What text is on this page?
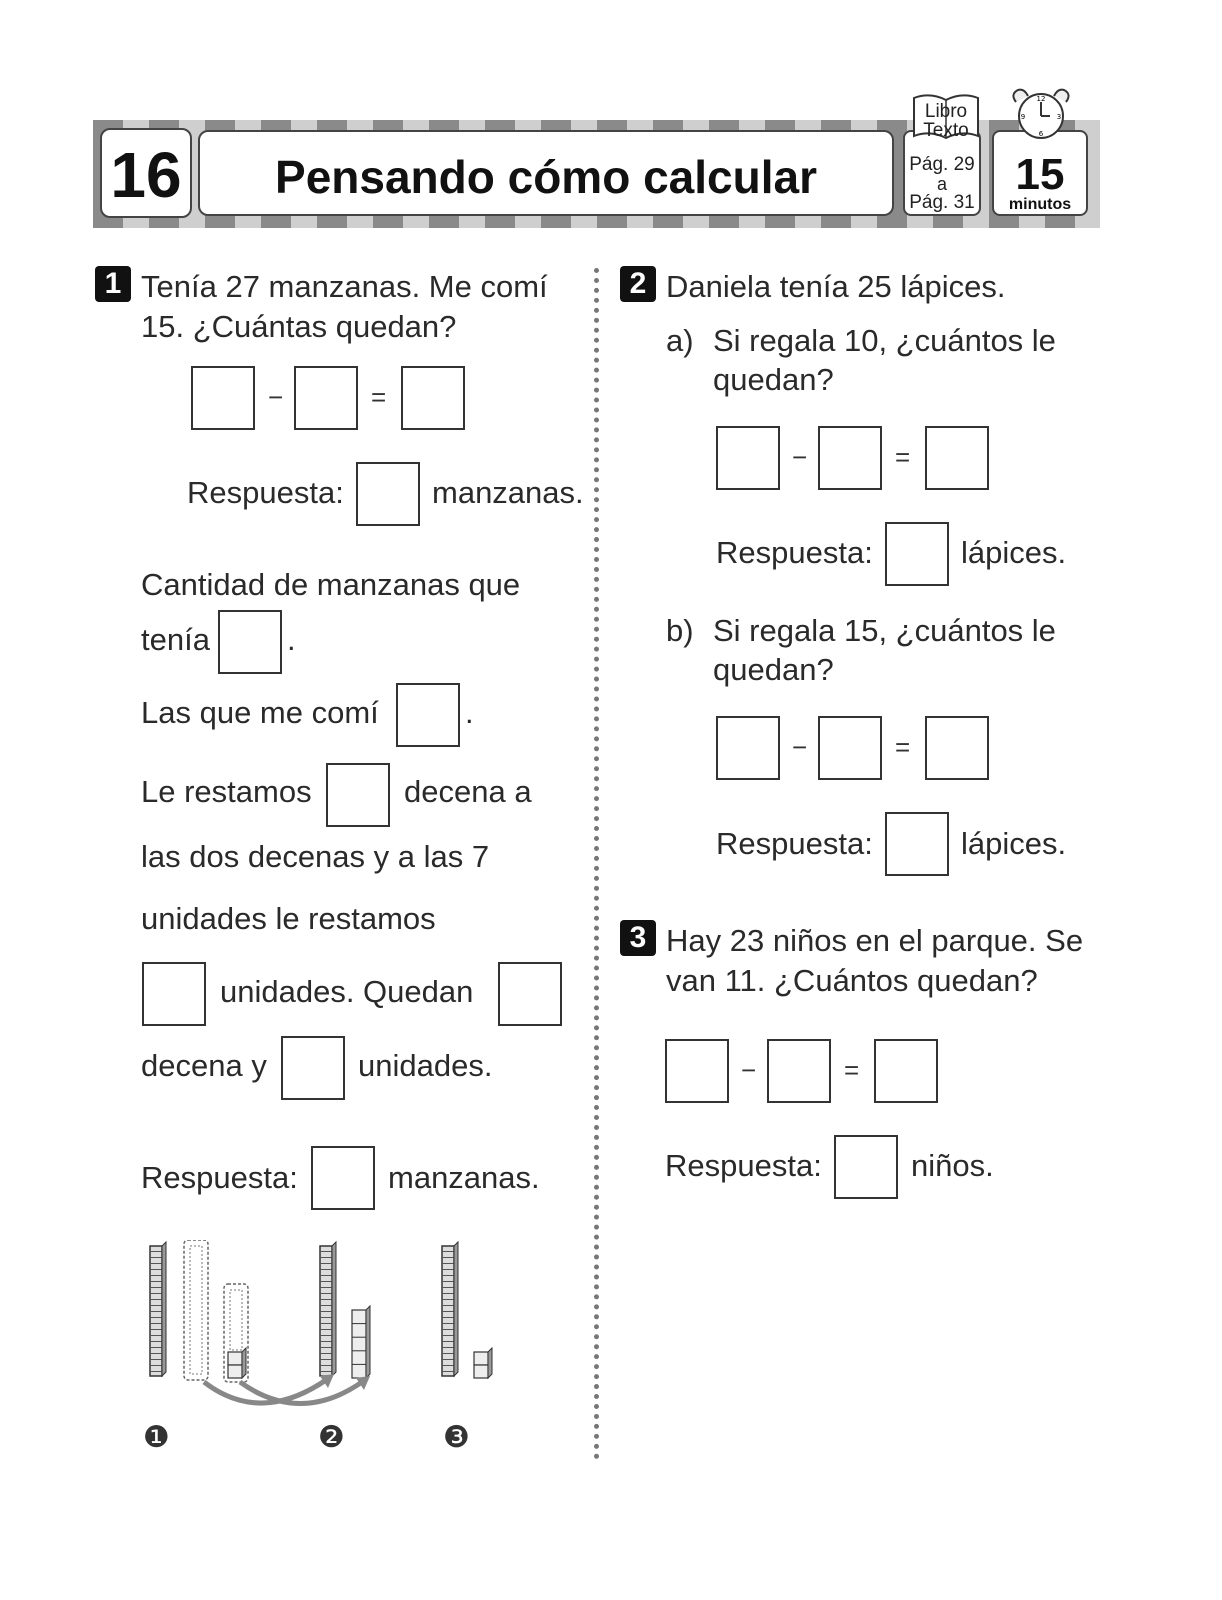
16	Pensando cómo calcular	Pág. 29
a
Pág. 31
Libro
Texto
15
minutos
12
3
6
9
1 Tenía 27 manzanas. Me comí
15. ¿Cuántas quedan?
−	=
Respuesta:	manzanas.
Cantidad de manzanas que
tenía .
Las que me comí	.
Le restamos	decena a
las dos decenas y a las 7
unidades le restamos
unidades. Quedan
decena y	unidades.
Respuesta:	manzanas.
❶	❷	❸
2 Daniela tenía 25 lápices.
a) Si regala 10, ¿cuántos le
quedan?
−	=
Respuesta:	lápices.
b) Si regala 15, ¿cuántos le
quedan?
−	=
Respuesta:	lápices.
3 Hay 23 niños en el parque. Se
van 11. ¿Cuántos quedan?
−	=
Respuesta:	niños.
